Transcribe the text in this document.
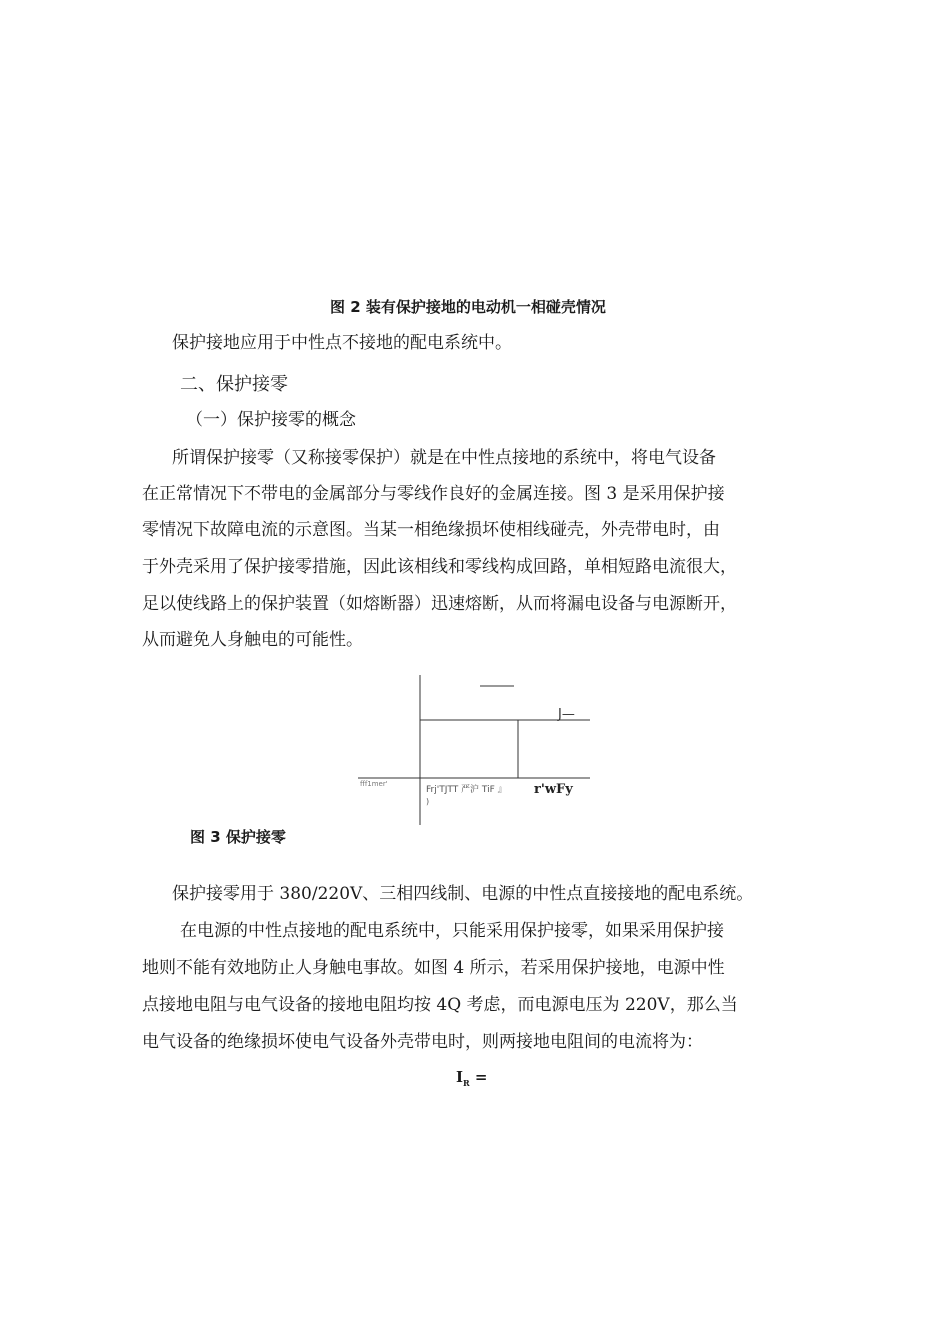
图 2 装有保护接地的电动机一相碰壳情况
保护接地应用于中性点不接地的配电系统中。
二、保护接零
（一）保护接零的概念
所谓保护接零（又称接零保护）就是在中性点接地的系统中，将电气设备
在正常情况下不带电的金属部分与零线作良好的金属连接。图 3 是采用保护接
零情况下故障电流的示意图。当某一相绝缘损坏使相线碰壳，外壳带电时，由
于外壳采用了保护接零措施，因此该相线和零线构成回路，单相短路电流很大，
足以使线路上的保护装置（如熔断器）迅速熔断，从而将漏电设备与电源断开，
从而避免人身触电的可能性。
J—
fff1mer'
Frj'TJTT 严沪 TiF 』
)
r'wFy
图 3 保护接零
保护接零用于 380/220V、三相四线制、电源的中性点直接接地的配电系统。
在电源的中性点接地的配电系统中，只能采用保护接零，如果采用保护接
地则不能有效地防止人身触电事故。如图 4 所示，若采用保护接地，电源中性
点接地电阻与电气设备的接地电阻均按 4Q 考虑，而电源电压为 220V，那么当
电气设备的绝缘损坏使电气设备外壳带电时，则两接地电阻间的电流将为：
$I_R$ =
